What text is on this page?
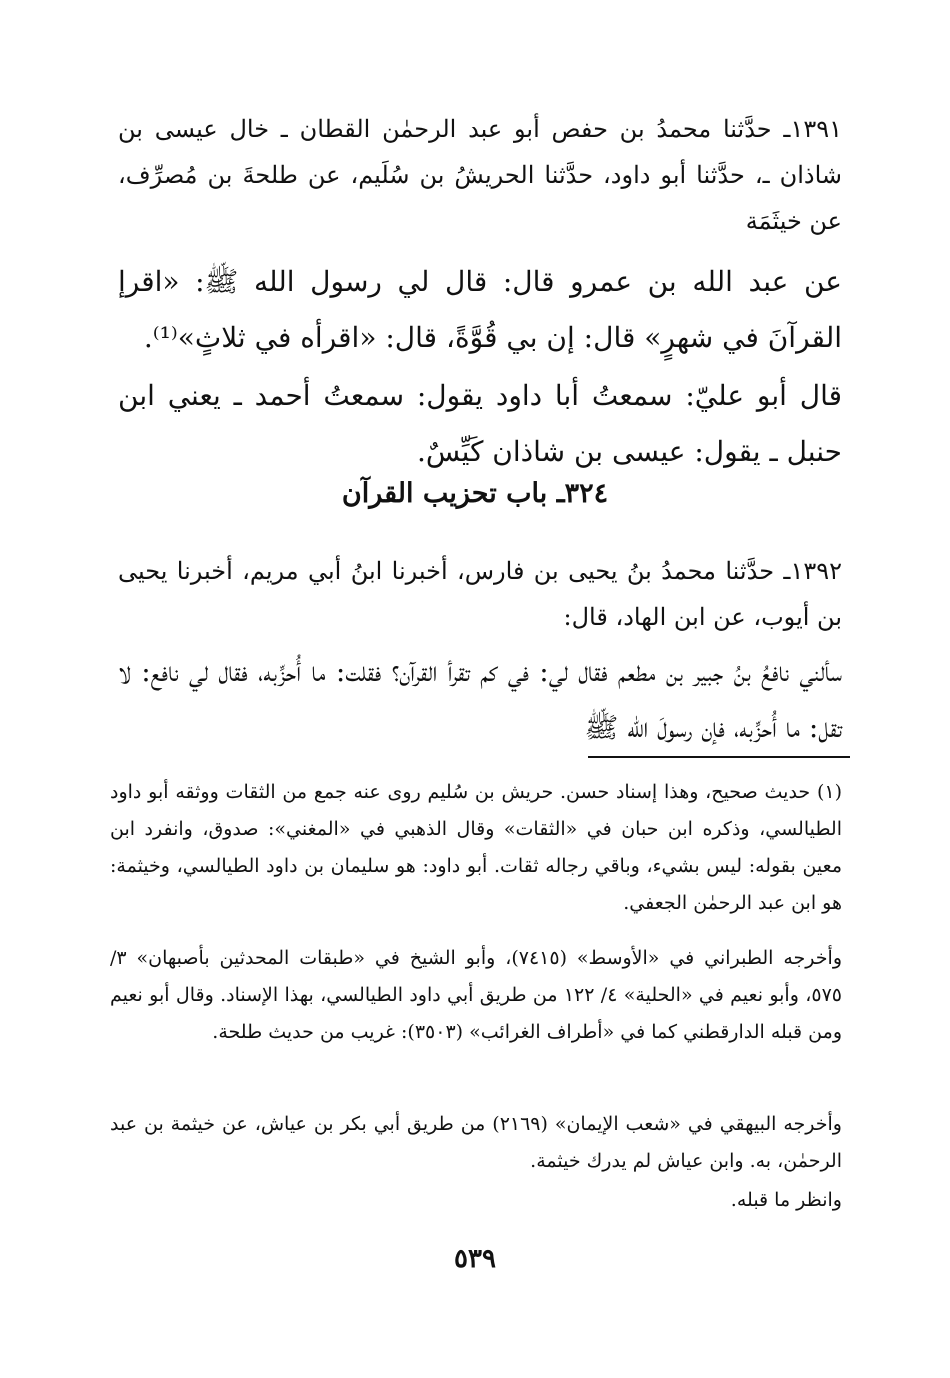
١٣٩١ـ حدَّثنا محمدُ بن حفص أبو عبد الرحمٰن القطان ـ خال عيسى بن شاذان ـ، حدَّثنا أبو داود، حدَّثنا الحريشُ بن سُلَيم، عن طلحةَ بن مُصرِّف، عن خيثَمَة

عن عبد الله بن عمرو قال: قال لي رسول الله ﷺ: «اقرإ القرآنَ في شهرٍ» قال: إن بي قُوَّةً، قال: «اقرأه في ثلاثٍ»⁽¹⁾.

قال أبو عليّ: سمعتُ أبا داود يقول: سمعتُ أحمد ـ يعني ابن حنبل ـ يقول: عيسى بن شاذان كَيِّسٌ.

٣٢٤ـ باب تحزيب القرآن

١٣٩٢ـ حدَّثنا محمدُ بنُ يحيى بن فارس، أخبرنا ابنُ أبي مريم، أخبرنا يحيى بن أيوب، عن ابن الهاد، قال:

سألني نافعُ بنُ جبير بن مطعم فقال لي: في كم تقرأ القرآن؟ فقلت: ما أُحزِّبه، فقال لي نافع: لا تقل: ما أُحزِّبه، فإن رسولَ الله ﷺ

(١) حديث صحيح، وهذا إسناد حسن. حريش بن سُليم روى عنه جمع من الثقات ووثقه أبو داود الطيالسي، وذكره ابن حبان في «الثقات» وقال الذهبي في «المغني»: صدوق، وانفرد ابن معين بقوله: ليس بشيء، وباقي رجاله ثقات. أبو داود: هو سليمان بن داود الطيالسي، وخيثمة: هو ابن عبد الرحمٰن الجعفي.

وأخرجه الطبراني في «الأوسط» (٧٤١٥)، وأبو الشيخ في «طبقات المحدثين بأصبهان» ٣/ ٥٧٥، وأبو نعيم في «الحلية» ٤/ ١٢٢ من طريق أبي داود الطيالسي، بهذا الإسناد. وقال أبو نعيم ومن قبله الدارقطني كما في «أطراف الغرائب» (٣٥٠٣): غريب من حديث طلحة.

وأخرجه البيهقي في «شعب الإيمان» (٢١٦٩) من طريق أبي بكر بن عياش، عن خيثمة بن عبد الرحمٰن، به. وابن عياش لم يدرك خيثمة.

وانظر ما قبله.

٥٣٩
